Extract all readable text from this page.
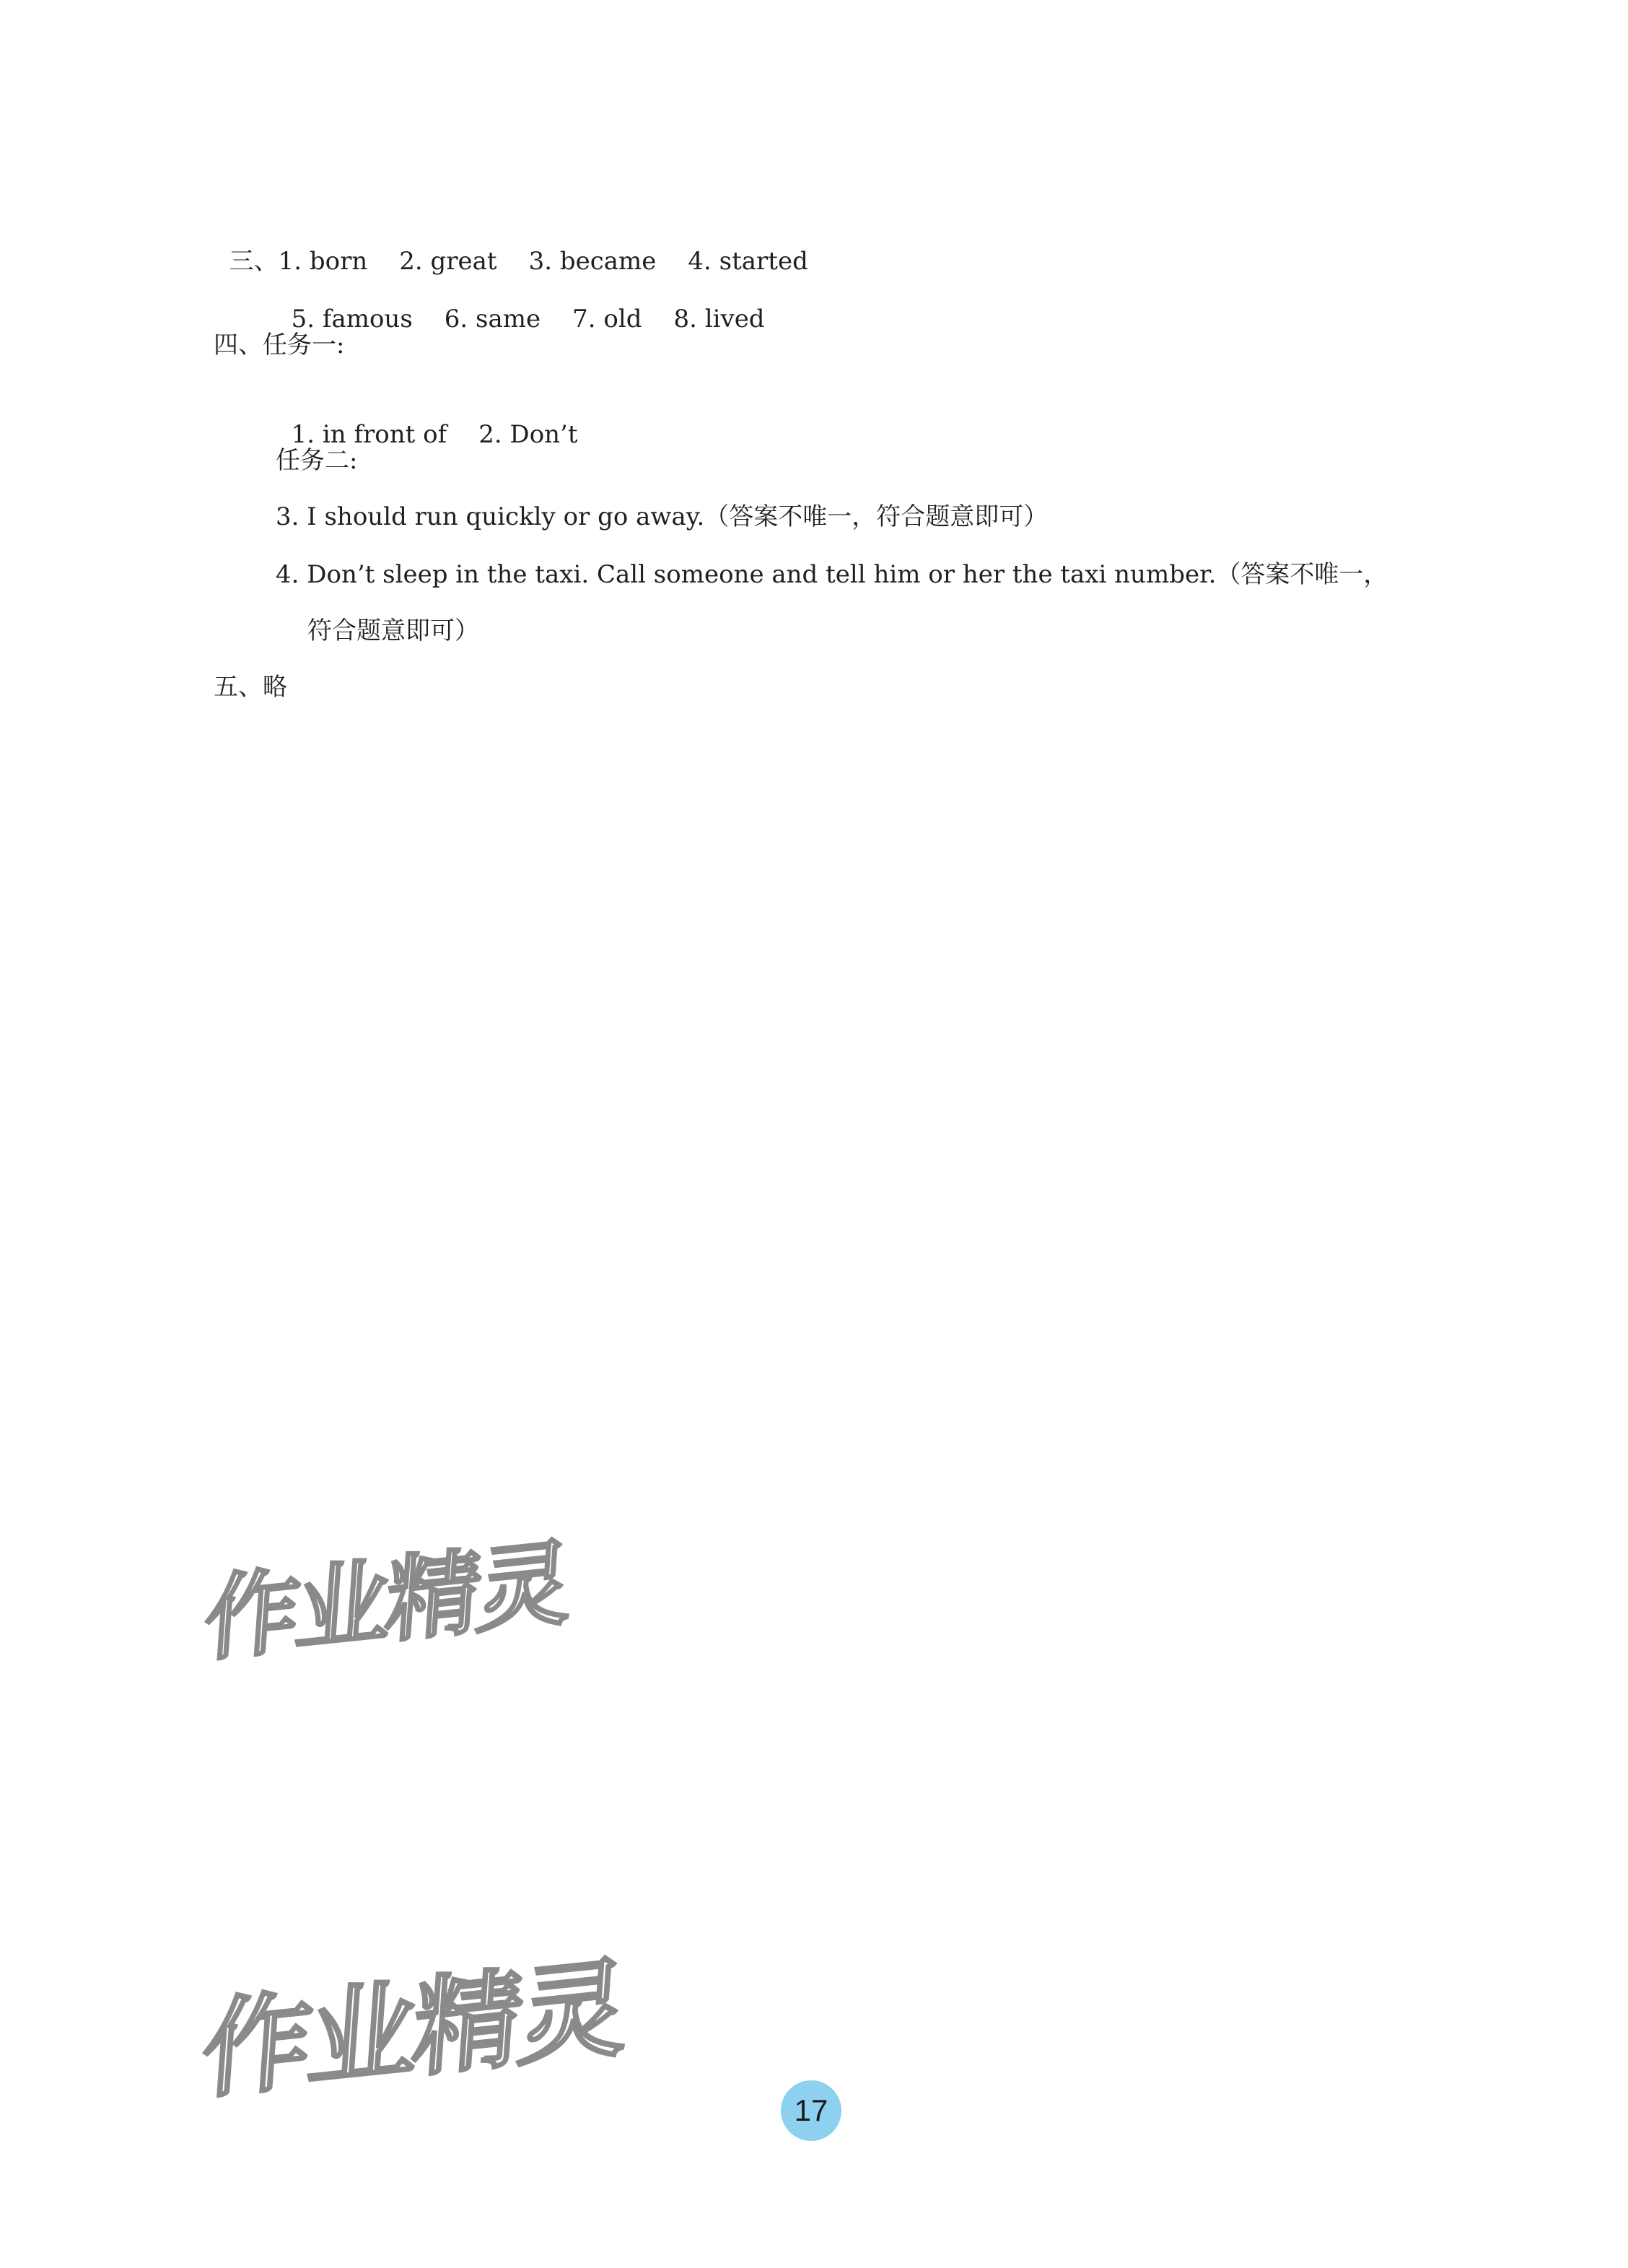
三、1. born 2. great 3. became 4. started

5. famous 6. same 7. old 8. lived

四、任务一:

1. in front of 2. Don’t

任务二:
3. I should run quickly or go away.（答案不唯一，符合题意即可）
4. Don’t sleep in the taxi. Call someone and tell him or her the taxi number.（答案不唯一，
符合题意即可）
五、略
作业精灵
作业精灵	17
